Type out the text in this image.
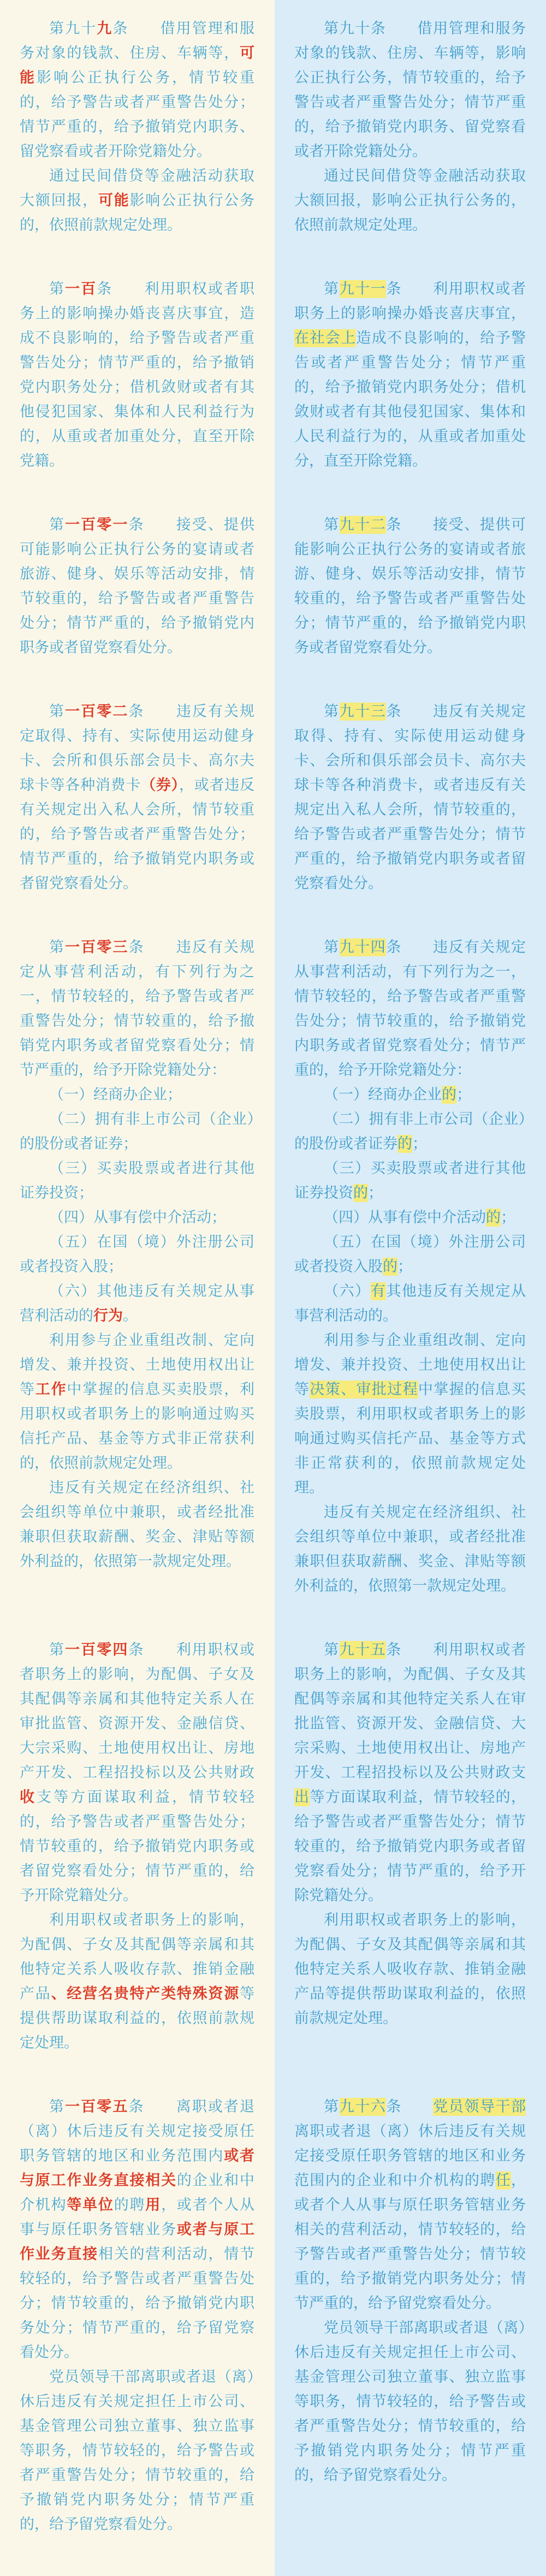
第九十九条　　借用管理和服务对象的钱款、住房、车辆等，可能影响公正执行公务，情节较重的，给予警告或者严重警告处分；情节严重的，给予撤销党内职务、留党察看或者开除党籍处分。

通过民间借贷等金融活动获取大额回报，可能影响公正执行公务的，依照前款规定处理。

第九十条　　借用管理和服务对象的钱款、住房、车辆等，影响公正执行公务，情节较重的，给予警告或者严重警告处分；情节严重的，给予撤销党内职务、留党察看或者开除党籍处分。

通过民间借贷等金融活动获取大额回报，影响公正执行公务的，依照前款规定处理。

第一百条　　利用职权或者职务上的影响操办婚丧喜庆事宜，造成不良影响的，给予警告或者严重警告处分；情节严重的，给予撤销党内职务处分；借机敛财或者有其他侵犯国家、集体和人民利益行为的，从重或者加重处分，直至开除党籍。

第九十一条　　利用职权或者职务上的影响操办婚丧喜庆事宜，在社会上造成不良影响的，给予警告或者严重警告处分；情节严重的，给予撤销党内职务处分；借机敛财或者有其他侵犯国家、集体和人民利益行为的，从重或者加重处分，直至开除党籍。

第一百零一条　　接受、提供可能影响公正执行公务的宴请或者旅游、健身、娱乐等活动安排，情节较重的，给予警告或者严重警告处分；情节严重的，给予撤销党内职务或者留党察看处分。

第九十二条　　接受、提供可能影响公正执行公务的宴请或者旅游、健身、娱乐等活动安排，情节较重的，给予警告或者严重警告处分；情节严重的，给予撤销党内职务或者留党察看处分。

第一百零二条　　违反有关规定取得、持有、实际使用运动健身卡、会所和俱乐部会员卡、高尔夫球卡等各种消费卡（券），或者违反有关规定出入私人会所，情节较重的，给予警告或者严重警告处分；情节严重的，给予撤销党内职务或者留党察看处分。

第九十三条　　违反有关规定取得、持有、实际使用运动健身卡、会所和俱乐部会员卡、高尔夫球卡等各种消费卡，或者违反有关规定出入私人会所，情节较重的，给予警告或者严重警告处分；情节严重的，给予撤销党内职务或者留党察看处分。

第一百零三条　　违反有关规定从事营利活动，有下列行为之一，情节较轻的，给予警告或者严重警告处分；情节较重的，给予撤销党内职务或者留党察看处分；情节严重的，给予开除党籍处分：

（一）经商办企业；

（二）拥有非上市公司（企业）的股份或者证券；

（三）买卖股票或者进行其他证券投资；

（四）从事有偿中介活动；

（五）在国（境）外注册公司或者投资入股；

（六）其他违反有关规定从事营利活动的行为。

利用参与企业重组改制、定向增发、兼并投资、土地使用权出让等工作中掌握的信息买卖股票，利用职权或者职务上的影响通过购买信托产品、基金等方式非正常获利的，依照前款规定处理。

违反有关规定在经济组织、社会组织等单位中兼职，或者经批准兼职但获取薪酬、奖金、津贴等额外利益的，依照第一款规定处理。

第九十四条　　违反有关规定从事营利活动，有下列行为之一，情节较轻的，给予警告或者严重警告处分；情节较重的，给予撤销党内职务或者留党察看处分；情节严重的，给予开除党籍处分：

（一）经商办企业的；

（二）拥有非上市公司（企业）的股份或者证券的；

（三）买卖股票或者进行其他证券投资的；

（四）从事有偿中介活动的；

（五）在国（境）外注册公司或者投资入股的；

（六）有其他违反有关规定从事营利活动的。

利用参与企业重组改制、定向增发、兼并投资、土地使用权出让等决策、审批过程中掌握的信息买卖股票，利用职权或者职务上的影响通过购买信托产品、基金等方式非正常获利的，依照前款规定处理。

违反有关规定在经济组织、社会组织等单位中兼职，或者经批准兼职但获取薪酬、奖金、津贴等额外利益的，依照第一款规定处理。

第一百零四条　　利用职权或者职务上的影响，为配偶、子女及其配偶等亲属和其他特定关系人在审批监管、资源开发、金融信贷、大宗采购、土地使用权出让、房地产开发、工程招投标以及公共财政收支等方面谋取利益，情节较轻的，给予警告或者严重警告处分；情节较重的，给予撤销党内职务或者留党察看处分；情节严重的，给予开除党籍处分。

利用职权或者职务上的影响，为配偶、子女及其配偶等亲属和其他特定关系人吸收存款、推销金融产品、经营名贵特产类特殊资源等提供帮助谋取利益的，依照前款规定处理。

第九十五条　　利用职权或者职务上的影响，为配偶、子女及其配偶等亲属和其他特定关系人在审批监管、资源开发、金融信贷、大宗采购、土地使用权出让、房地产开发、工程招投标以及公共财政支出等方面谋取利益，情节较轻的，给予警告或者严重警告处分；情节较重的，给予撤销党内职务或者留党察看处分；情节严重的，给予开除党籍处分。

利用职权或者职务上的影响，为配偶、子女及其配偶等亲属和其他特定关系人吸收存款、推销金融产品等提供帮助谋取利益的，依照前款规定处理。

第一百零五条　　离职或者退（离）休后违反有关规定接受原任职务管辖的地区和业务范围内或者与原工作业务直接相关的企业和中介机构等单位的聘用，或者个人从事与原任职务管辖业务或者与原工作业务直接相关的营利活动，情节较轻的，给予警告或者严重警告处分；情节较重的，给予撤销党内职务处分；情节严重的，给予留党察看处分。

党员领导干部离职或者退（离）休后违反有关规定担任上市公司、基金管理公司独立董事、独立监事等职务，情节较轻的，给予警告或者严重警告处分；情节较重的，给予撤销党内职务处分；情节严重的，给予留党察看处分。

第九十六条　　党员领导干部离职或者退（离）休后违反有关规定接受原任职务管辖的地区和业务范围内的企业和中介机构的聘任，或者个人从事与原任职务管辖业务相关的营利活动，情节较轻的，给予警告或者严重警告处分；情节较重的，给予撤销党内职务处分；情节严重的，给予留党察看处分。

党员领导干部离职或者退（离）休后违反有关规定担任上市公司、基金管理公司独立董事、独立监事等职务，情节较轻的，给予警告或者严重警告处分；情节较重的，给予撤销党内职务处分；情节严重的，给予留党察看处分。
